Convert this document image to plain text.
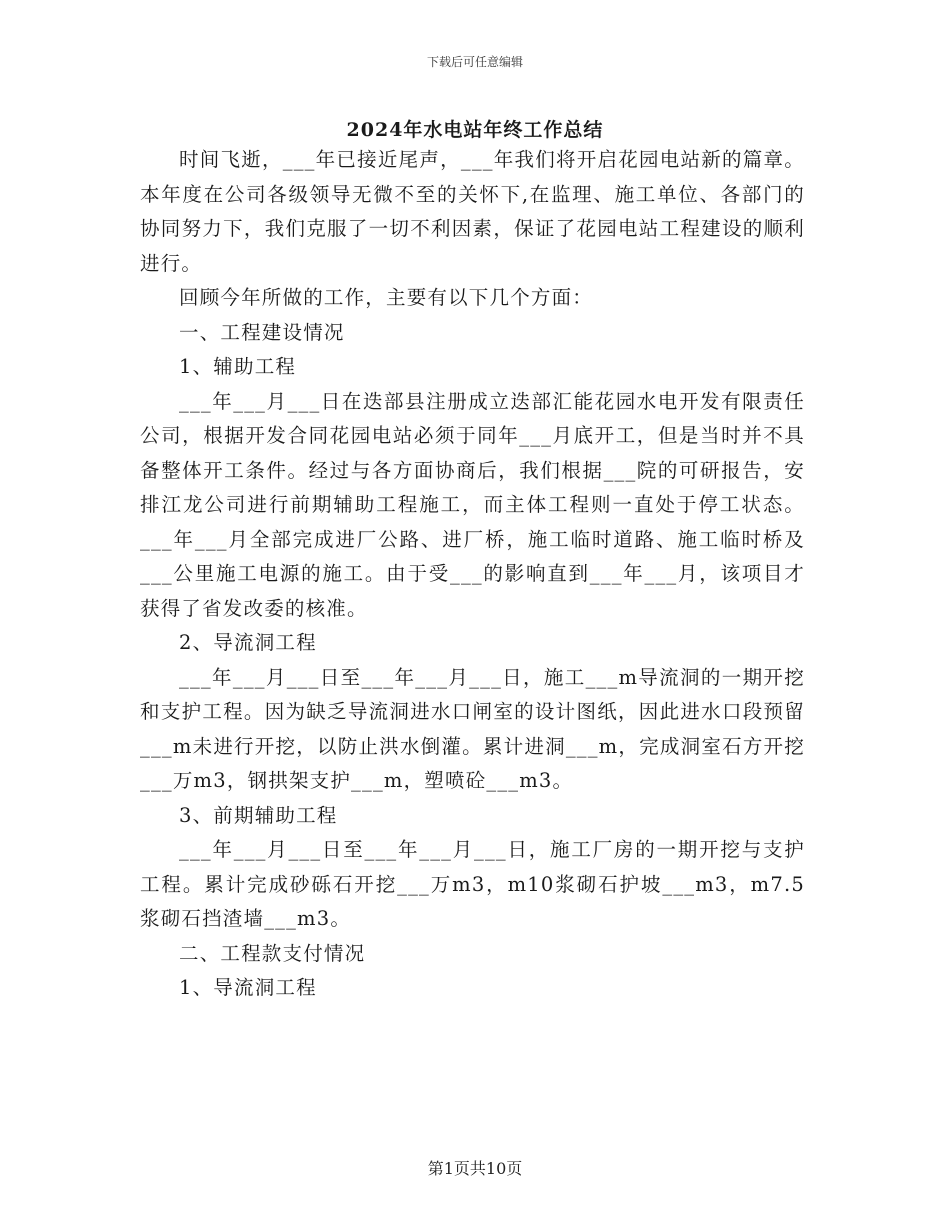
下载后可任意编辑
2024年水电站年终工作总结

时间飞逝，___年已接近尾声，___年我们将开启花园电站新的篇章。本年度在公司各级领导无微不至的关怀下,在监理、施工单位、各部门的协同努力下，我们克服了一切不利因素，保证了花园电站工程建设的顺利进行。

回顾今年所做的工作，主要有以下几个方面：

一、工程建设情况

1、辅助工程

___年___月___日在迭部县注册成立迭部汇能花园水电开发有限责任公司，根据开发合同花园电站必须于同年___月底开工，但是当时并不具备整体开工条件。经过与各方面协商后，我们根据___院的可研报告，安排江龙公司进行前期辅助工程施工，而主体工程则一直处于停工状态。___年___月全部完成进厂公路、进厂桥，施工临时道路、施工临时桥及___公里施工电源的施工。由于受___的影响直到___年___月，该项目才获得了省发改委的核准。

2、导流洞工程

___年___月___日至___年___月___日，施工___m导流洞的一期开挖和支护工程。因为缺乏导流洞进水口闸室的设计图纸，因此进水口段预留___m未进行开挖，以防止洪水倒灌。累计进洞___m，完成洞室石方开挖___万m3，钢拱架支护___m，塑喷砼___m3。

3、前期辅助工程

___年___月___日至___年___月___日，施工厂房的一期开挖与支护工程。累计完成砂砾石开挖___万m3，m10浆砌石护坡___m3，m7.5浆砌石挡渣墙___m3。

二、工程款支付情况

1、导流洞工程

第1页共10页
